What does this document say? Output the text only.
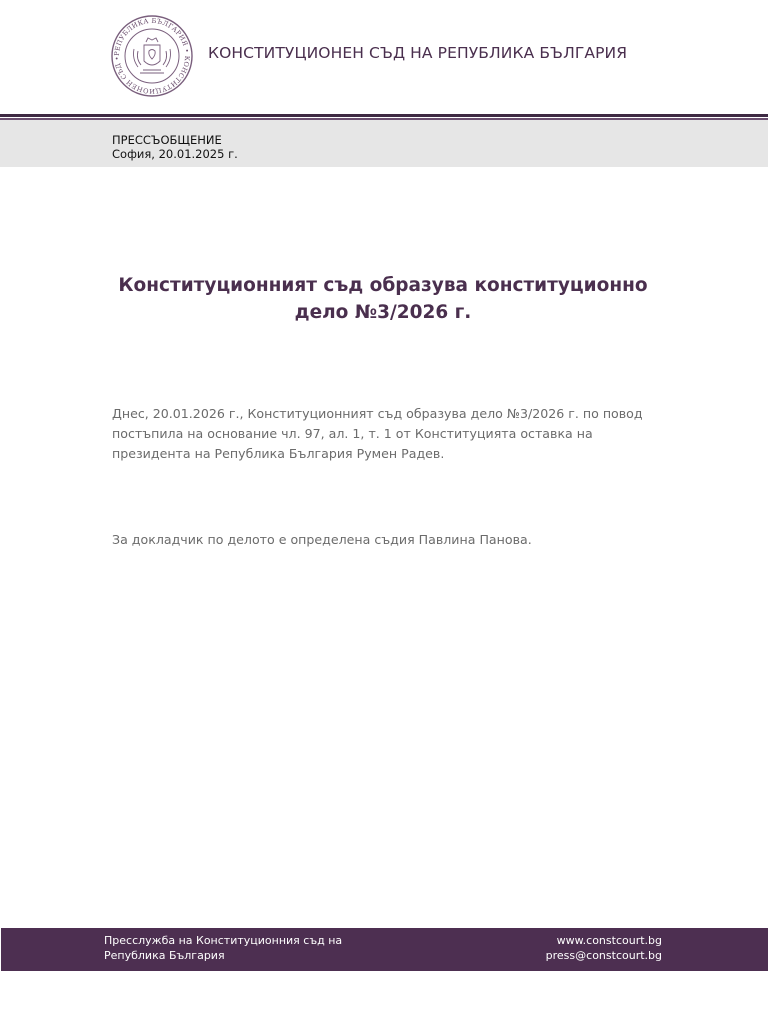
РЕПУБЛИКА БЪЛГАРИЯ • КОНСТИТУЦИОНЕН СЪД •	КОНСТИТУЦИОНЕН СЪД НА РЕПУБЛИКА БЪЛГАРИЯ
ПРЕССЪОБЩЕНИЕ
София, 20.01.2025 г.
Конституционният съд образува конституционно дело №3/2026 г.

Днес, 20.01.2026 г., Конституционният съд образува дело №3/2026 г. по повод постъпила на основание чл. 97, ал. 1, т. 1 от Конституцията оставка на президента на Република България Румен Радев.

За докладчик по делото е определена съдия Павлина Панова.

Пресслужба на Конституционния съд на
Република България
www.constcourt.bg
press@constcourt.bg
